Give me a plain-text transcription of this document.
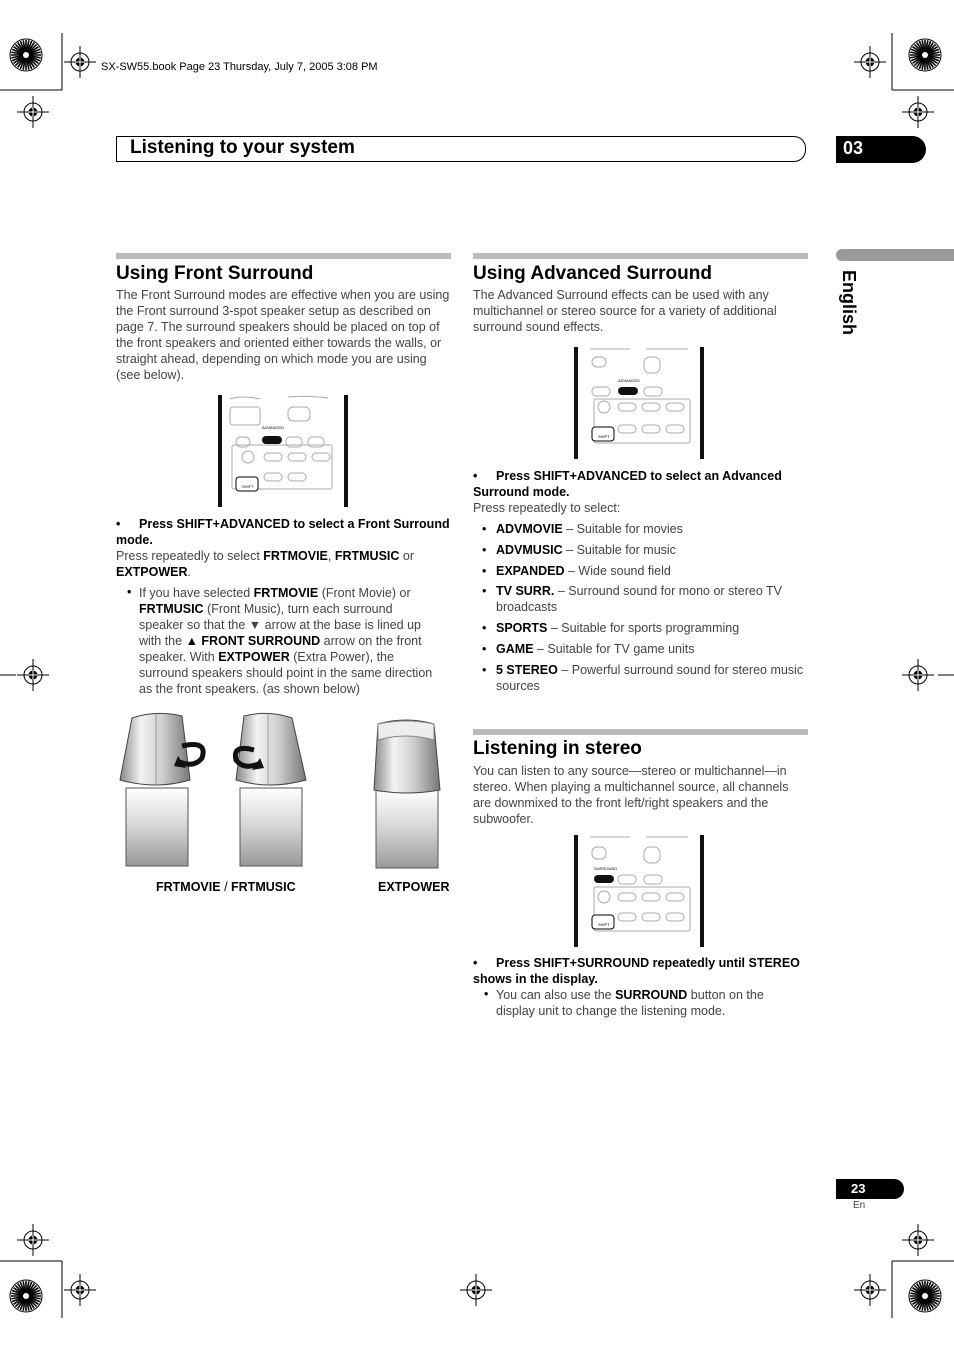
SX-SW55.book Page 23 Thursday, July 7, 2005 3:08 PM
Listening to your system	03
English
Using Front Surround
The Front Surround modes are effective when you are using the Front surround 3-spot speaker setup as described on page 7. The surround speakers should be placed on top of the front speakers and oriented either towards the walls, or straight ahead, depending on which mode you are using (see below).
ADVANCED
SHIFT
• Press SHIFT+ADVANCED to select a Front Surround mode.
Press repeatedly to select FRTMOVIE, FRTMUSIC or EXTPOWER.
• If you have selected FRTMOVIE (Front Movie) or FRTMUSIC (Front Music), turn each surround speaker so that the ▼ arrow at the base is lined up with the ▲ FRONT SURROUND arrow on the front speaker. With EXTPOWER (Extra Power), the surround speakers should point in the same direction as the front speakers. (as shown below)
FRTMOVIE / FRTMUSIC	EXTPOWER
Using Advanced Surround
The Advanced Surround effects can be used with any multichannel or stereo source for a variety of additional surround sound effects.
ADVANCED
SHIFT
• Press SHIFT+ADVANCED to select an Advanced Surround mode.
Press repeatedly to select:
• ADVMOVIE – Suitable for movies
• ADVMUSIC – Suitable for music
• EXPANDED – Wide sound field
• TV SURR. – Surround sound for mono or stereo TV broadcasts
• SPORTS – Suitable for sports programming
• GAME – Suitable for TV game units
• 5 STEREO – Powerful surround sound for stereo music sources
Listening in stereo
You can listen to any source—stereo or multichannel—in stereo. When playing a multichannel source, all channels are downmixed to the front left/right speakers and the subwoofer.
SURROUND
SHIFT
• Press SHIFT+SURROUND repeatedly until STEREO shows in the display.
• You can also use the SURROUND button on the display unit to change the listening mode.
23
En
